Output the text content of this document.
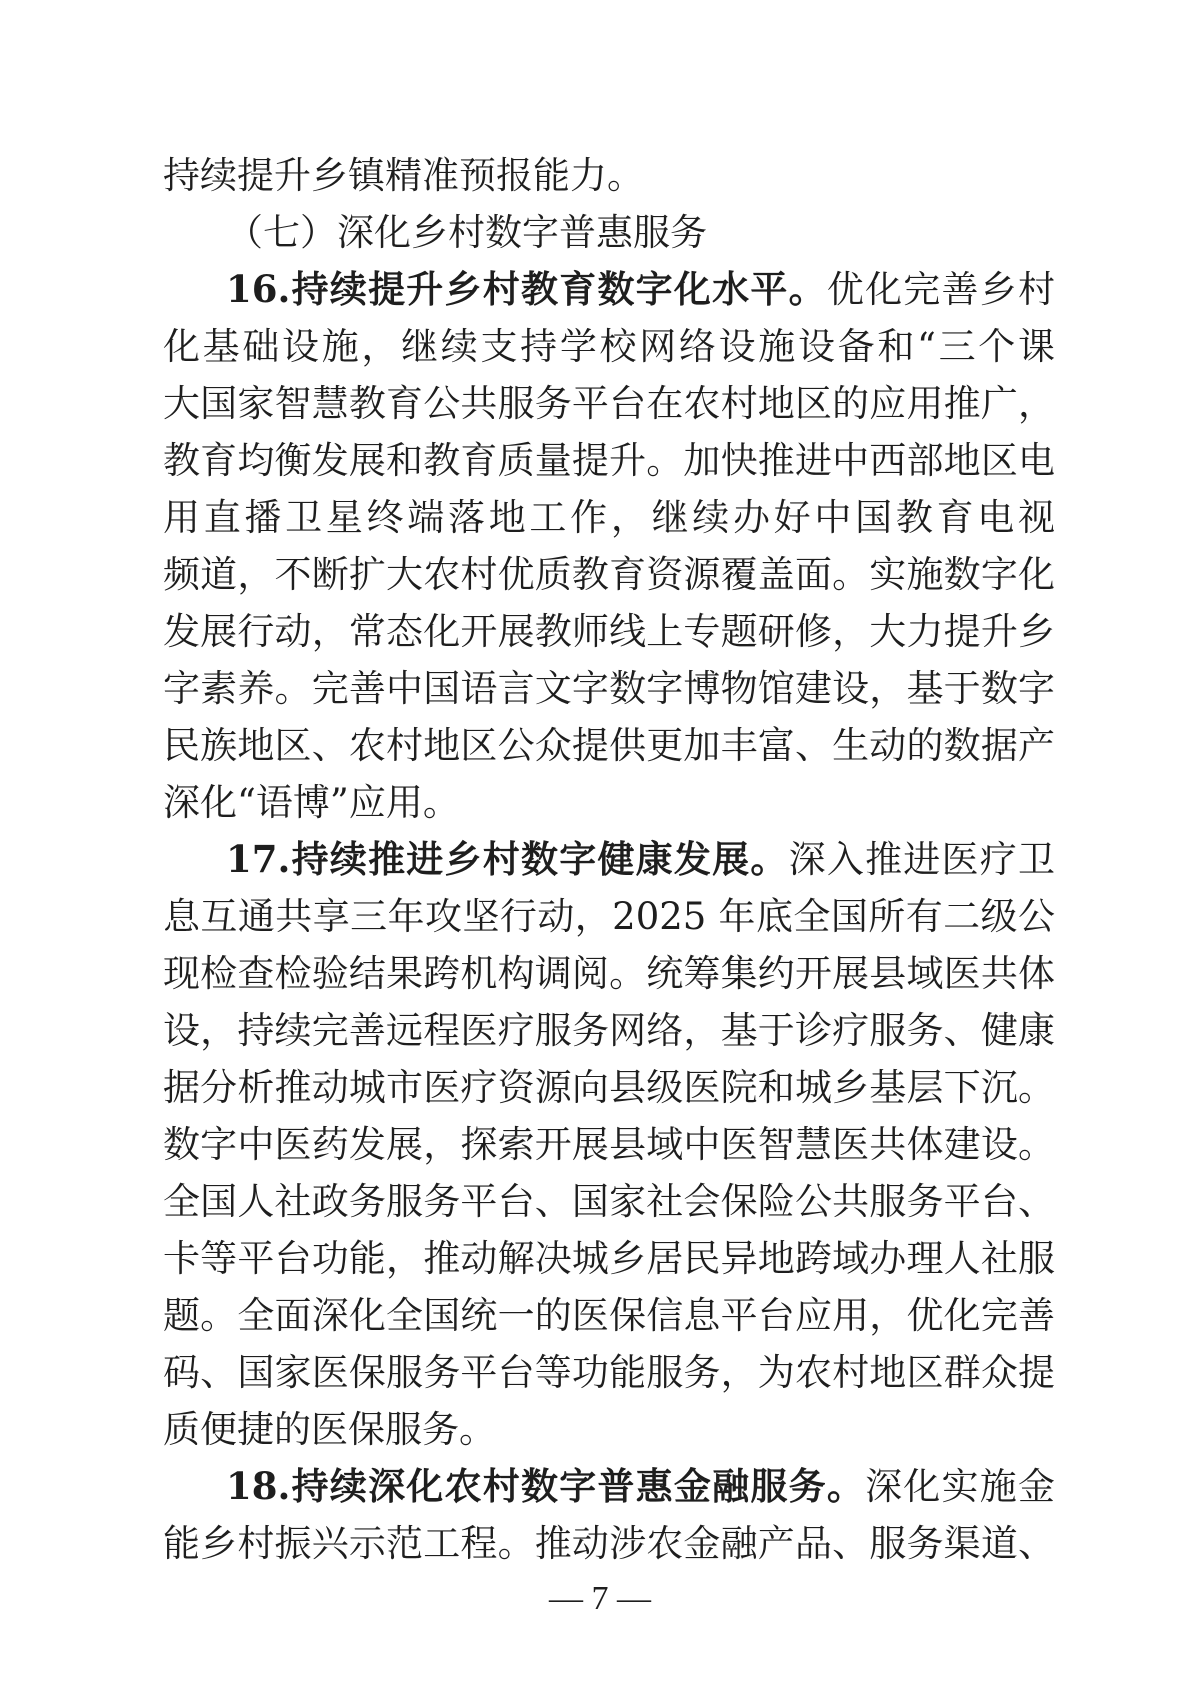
持续提升乡镇精准预报能力。
（七）深化乡村数字普惠服务
16.持续提升乡村教育数字化水平。优化完善乡村
化基础设施，继续支持学校网络设施设备和“三个课
大国家智慧教育公共服务平台在农村地区的应用推广，
教育均衡发展和教育质量提升。加快推进中西部地区电
用直播卫星终端落地工作，继续办好中国教育电视
频道，不断扩大农村优质教育资源覆盖面。实施数字化
发展行动，常态化开展教师线上专题研修，大力提升乡
字素养。完善中国语言文字数字博物馆建设，基于数字
民族地区、农村地区公众提供更加丰富、生动的数据产
深化“语博”应用。
17.持续推进乡村数字健康发展。深入推进医疗卫
息互通共享三年攻坚行动，2025 年底全国所有二级公
现检查检验结果跨机构调阅。统筹集约开展县域医共体
设，持续完善远程医疗服务网络，基于诊疗服务、健康
据分析推动城市医疗资源向县级医院和城乡基层下沉。
数字中医药发展，探索开展县域中医智慧医共体建设。
全国人社政务服务平台、国家社会保险公共服务平台、
卡等平台功能，推动解决城乡居民异地跨域办理人社服
题。全面深化全国统一的医保信息平台应用，优化完善
码、国家医保服务平台等功能服务，为农村地区群众提
质便捷的医保服务。
18.持续深化农村数字普惠金融服务。深化实施金
能乡村振兴示范工程。推动涉农金融产品、服务渠道、
— 7 —
